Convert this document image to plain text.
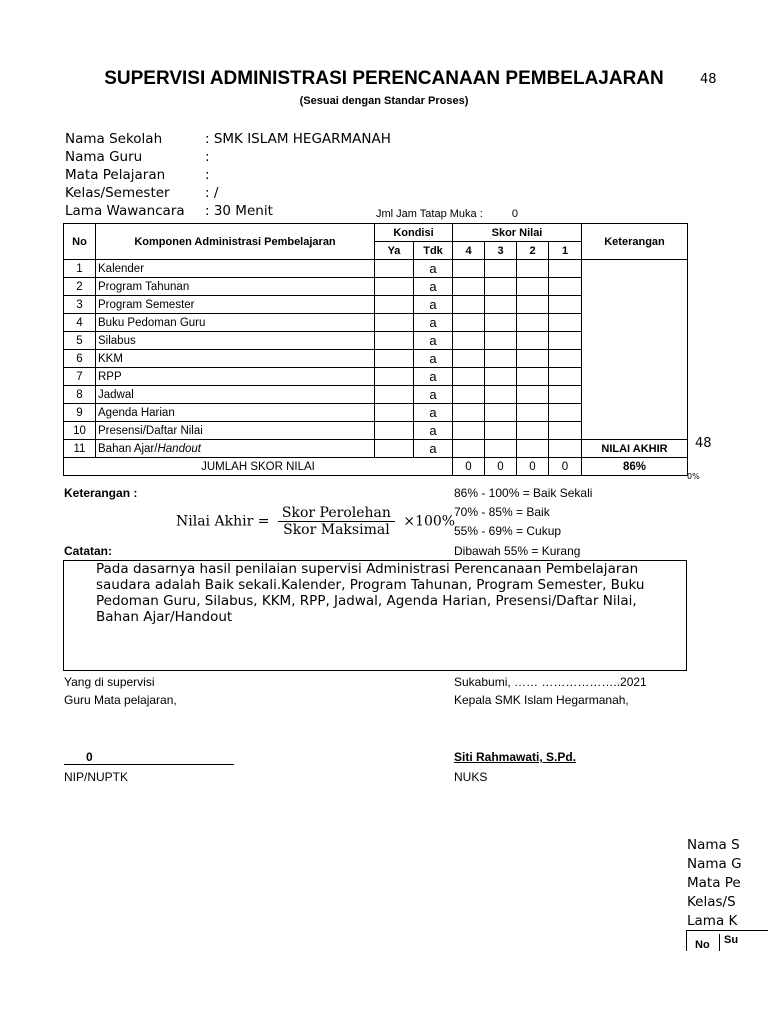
SUPERVISI ADMINISTRASI PERENCANAAN PEMBELAJARAN	48
(Sesuai dengan Standar Proses)
Nama Sekolah	: SMK ISLAM HEGARMANAH
Nama Guru	:
Mata Pelajaran	:
Kelas/Semester	: /
Lama Wawancara : 30 Menit	Jml Jam Tatap Muka :	0
No	Komponen Administrasi Pembelajaran	Kondisi		Skor Nilai				Keterangan
		Ya	Tdk	4	3	2	1	
1	Kalender		a					
2	Program Tahunan		a					
3	Program Semester		a					
4	Buku Pedoman Guru		a					
5	Silabus		a					
6	KKM		a					
7	RPP		a					
8	Jadwal		a					
9	Agenda Harian		a					
10	Presensi/Daftar Nilai		a					
11	Bahan Ajar/Handout		a					NILAI AKHIR
JUMLAH SKOR NILAI				0	0	0	0	86%
48
0%
Keterangan :
Nilai Akhir = $\frac{\text{Skor Perolehan}}{\text{Skor Maksimal}} \times 100\%$
86% - 100% = Baik Sekali
70% - 85% = Baik
55% - 69% = Cukup
Dibawah 55% = Kurang
Catatan:
Pada dasarnya hasil penilaian supervisi Administrasi Perencanaan Pembelajaran saudara adalah Baik sekali.Kalender, Program Tahunan, Program Semester, Buku Pedoman Guru, Silabus, KKM, RPP, Jadwal, Agenda Harian, Presensi/Daftar Nilai, Bahan Ajar/Handout
Yang di supervisi
Guru Mata pelajaran,
0
NIP/NUPTK
Sukabumi, …… ………………..2021
Kepala SMK Islam Hegarmanah,
Siti Rahmawati, S.Pd.
NUKS
Nama S
Nama G
Mata Pe
Kelas/S
Lama K
No	Su
